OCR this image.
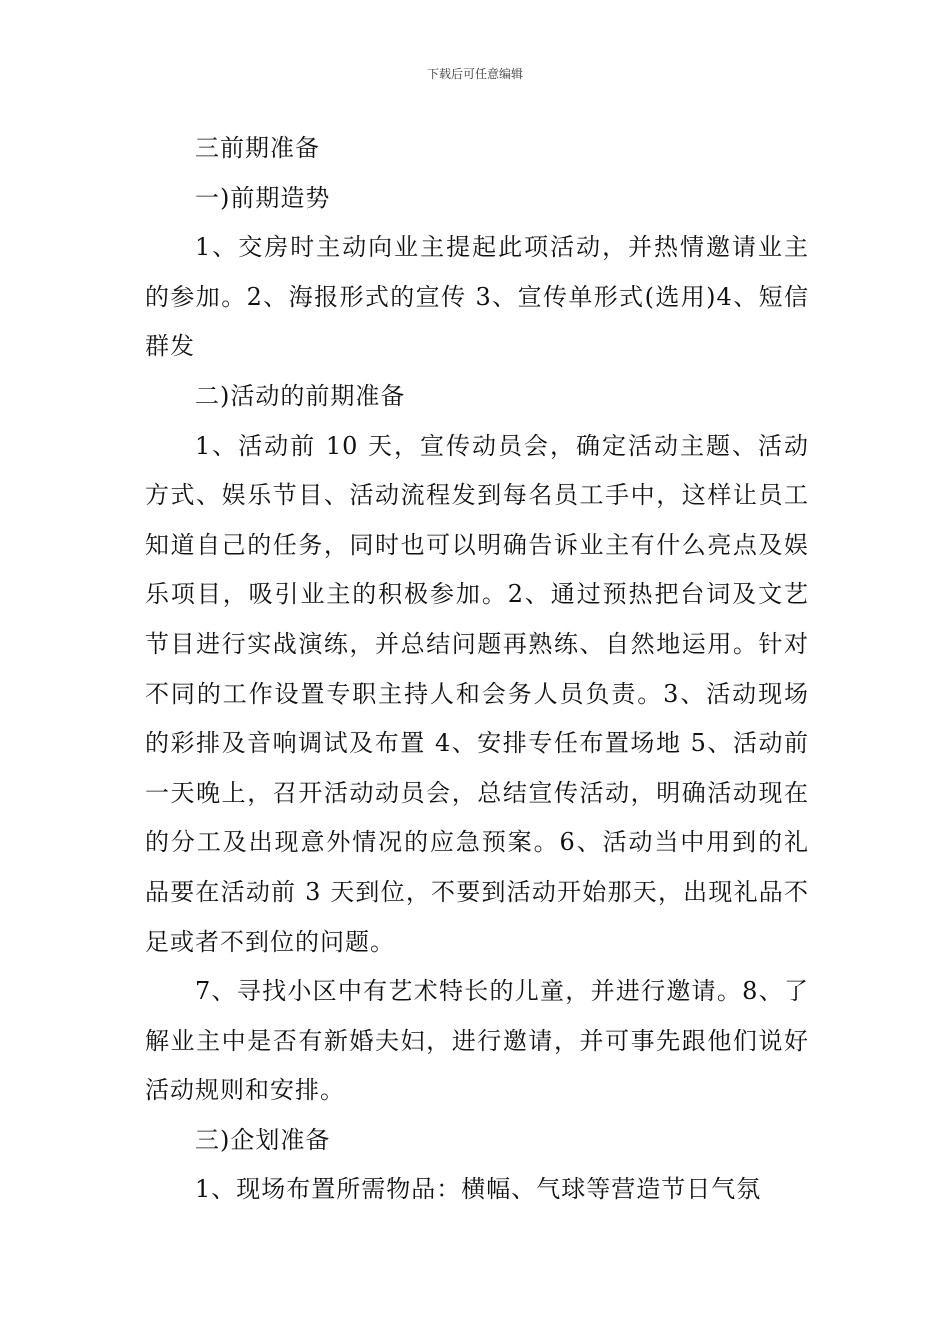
下载后可任意编辑

三前期准备

一)前期造势

1、交房时主动向业主提起此项活动，并热情邀请业主的参加。2、海报形式的宣传 3、宣传单形式(选用)4、短信群发

二)活动的前期准备

1、活动前 10 天，宣传动员会，确定活动主题、活动方式、娱乐节目、活动流程发到每名员工手中，这样让员工知道自己的任务，同时也可以明确告诉业主有什么亮点及娱乐项目，吸引业主的积极参加。2、通过预热把台词及文艺节目进行实战演练，并总结问题再熟练、自然地运用。针对不同的工作设置专职主持人和会务人员负责。3、活动现场的彩排及音响调试及布置 4、安排专任布置场地 5、活动前一天晚上，召开活动动员会，总结宣传活动，明确活动现在的分工及出现意外情况的应急预案。6、活动当中用到的礼品要在活动前 3 天到位，不要到活动开始那天，出现礼品不足或者不到位的问题。

7、寻找小区中有艺术特长的儿童，并进行邀请。8、了解业主中是否有新婚夫妇，进行邀请，并可事先跟他们说好活动规则和安排。

三)企划准备

1、现场布置所需物品：横幅、气球等营造节日气氛
